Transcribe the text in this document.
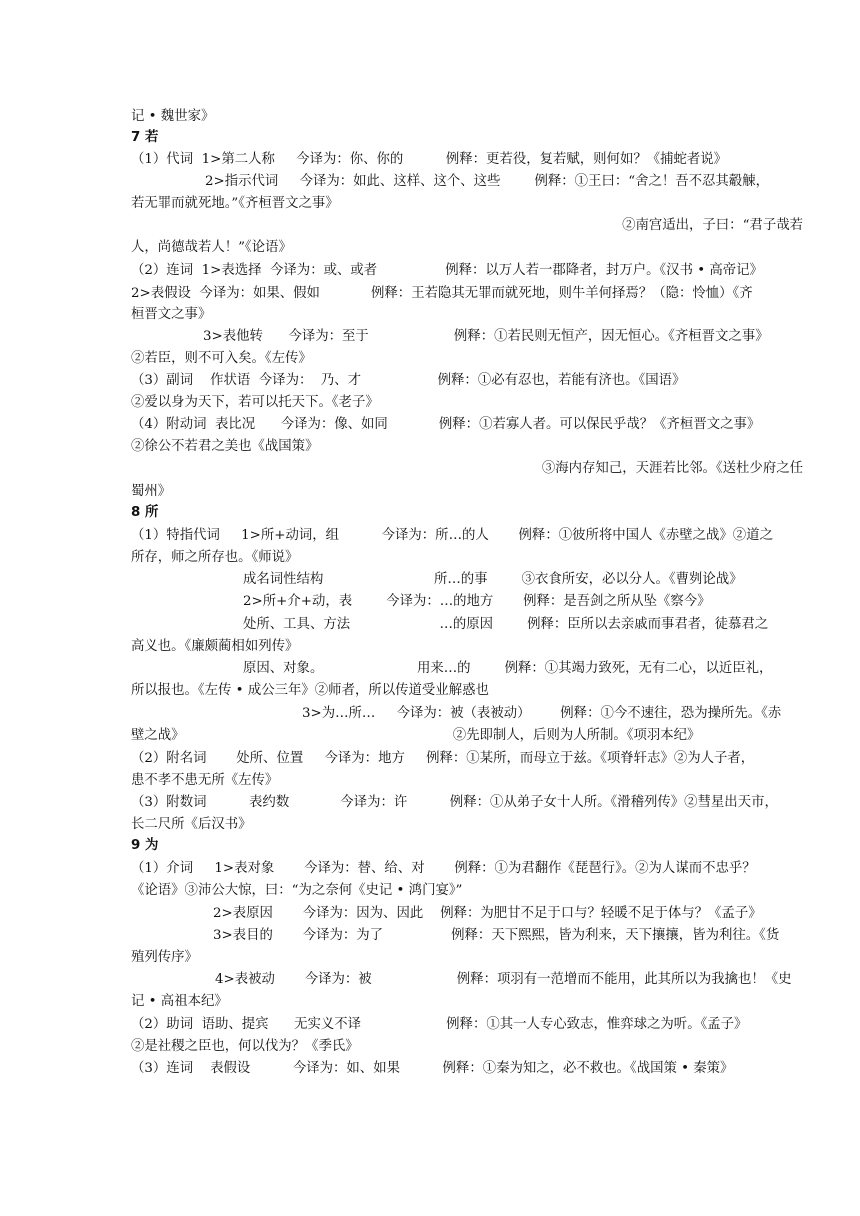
记 • 魏世家》
7 若
（1）代词  1>第二人称     今译为：你、你的          例释：更若役，复若赋，则何如？《捕蛇者说》
2>指示代词     今译为：如此、这样、这个、这些        例释：①王曰：“舍之！吾不忍其觳觫，
若无罪而就死地。”《齐桓晋文之事》
②南宫适出，子曰：“君子哉若
人，尚德哉若人！”《论语》
（2）连词  1>表选择  今译为：或、或者                例释：以万人若一郡降者，封万户。《汉书 • 高帝记》
2>表假设  今译为：如果、假如            例释：王若隐其无罪而就死地，则牛羊何择焉？（隐：怜恤）《齐
桓晋文之事》
3>表他转      今译为：至于                    例释：①若民则无恒产，因无恒心。《齐桓晋文之事》
②若臣，则不可入矣。《左传》
（3）副词    作状语  今译为：  乃、才                  例释：①必有忍也，若能有济也。《国语》
②爱以身为天下，若可以托天下。《老子》
（4）附动词  表比况      今译为：像、如同            例释：①若寡人者。可以保民乎哉？《齐桓晋文之事》
②徐公不若君之美也《战国策》
③海内存知己，天涯若比邻。《送杜少府之任
蜀州》
8 所
（1）特指代词     1>所+动词，组          今译为：所…的人       例释：①彼所将中国人《赤壁之战》②道之
所存，师之所存也。《师说》
成名词性结构                          所…的事        ③衣食所安，必以分人。《曹刿论战》
2>所+介+动，表        今译为：…的地方       例释：是吾剑之所从坠《察今》
处所、工具、方法                     …的原因        例释：臣所以去亲戚而事君者，徒慕君之
高义也。《廉颇蔺相如列传》
原因、对象。                      用来…的        例释：①其竭力致死，无有二心，以近臣礼，
所以报也。《左传 • 成公三年》②师者，所以传道受业解惑也
3>为…所…     今译为：被（表被动）       例释：①今不速往，恐为操所先。《赤
壁之战》                                                               ②先即制人，后则为人所制。《项羽本纪》
（2）附名词       处所、位置     今译为：地方     例释：①某所，而母立于兹。《项脊轩志》②为人子者，
患不孝不患无所《左传》
（3）附数词          表约数            今译为：许          例释：①从弟子女十人所。《滑稽列传》②彗星出天市，
长二尺所《后汉书》
9 为
（1）介词     1>表对象       今译为：替、给、对       例释：①为君翻作《琵琶行》。②为人谋而不忠乎？
《论语》③沛公大惊，曰：“为之奈何《史记 • 鸿门宴》”
2>表原因       今译为：因为、因此    例释：为肥甘不足于口与？轻暖不足于体与？《孟子》
3>表目的       今译为：为了                例释：天下熙熙，皆为利来，天下攘攘，皆为利往。《货
殖列传序》
4>表被动       今译为：被                    例释：项羽有一范增而不能用，此其所以为我擒也！《史
记 • 高祖本纪》
（2）助词  语助、提宾      无实义不译                    例释：①其一人专心致志，惟弈球之为听。《孟子》
②是社稷之臣也，何以伐为？《季氏》
（3）连词    表假设          今译为：如、如果          例释：①秦为知之，必不救也。《战国策 • 秦策》
